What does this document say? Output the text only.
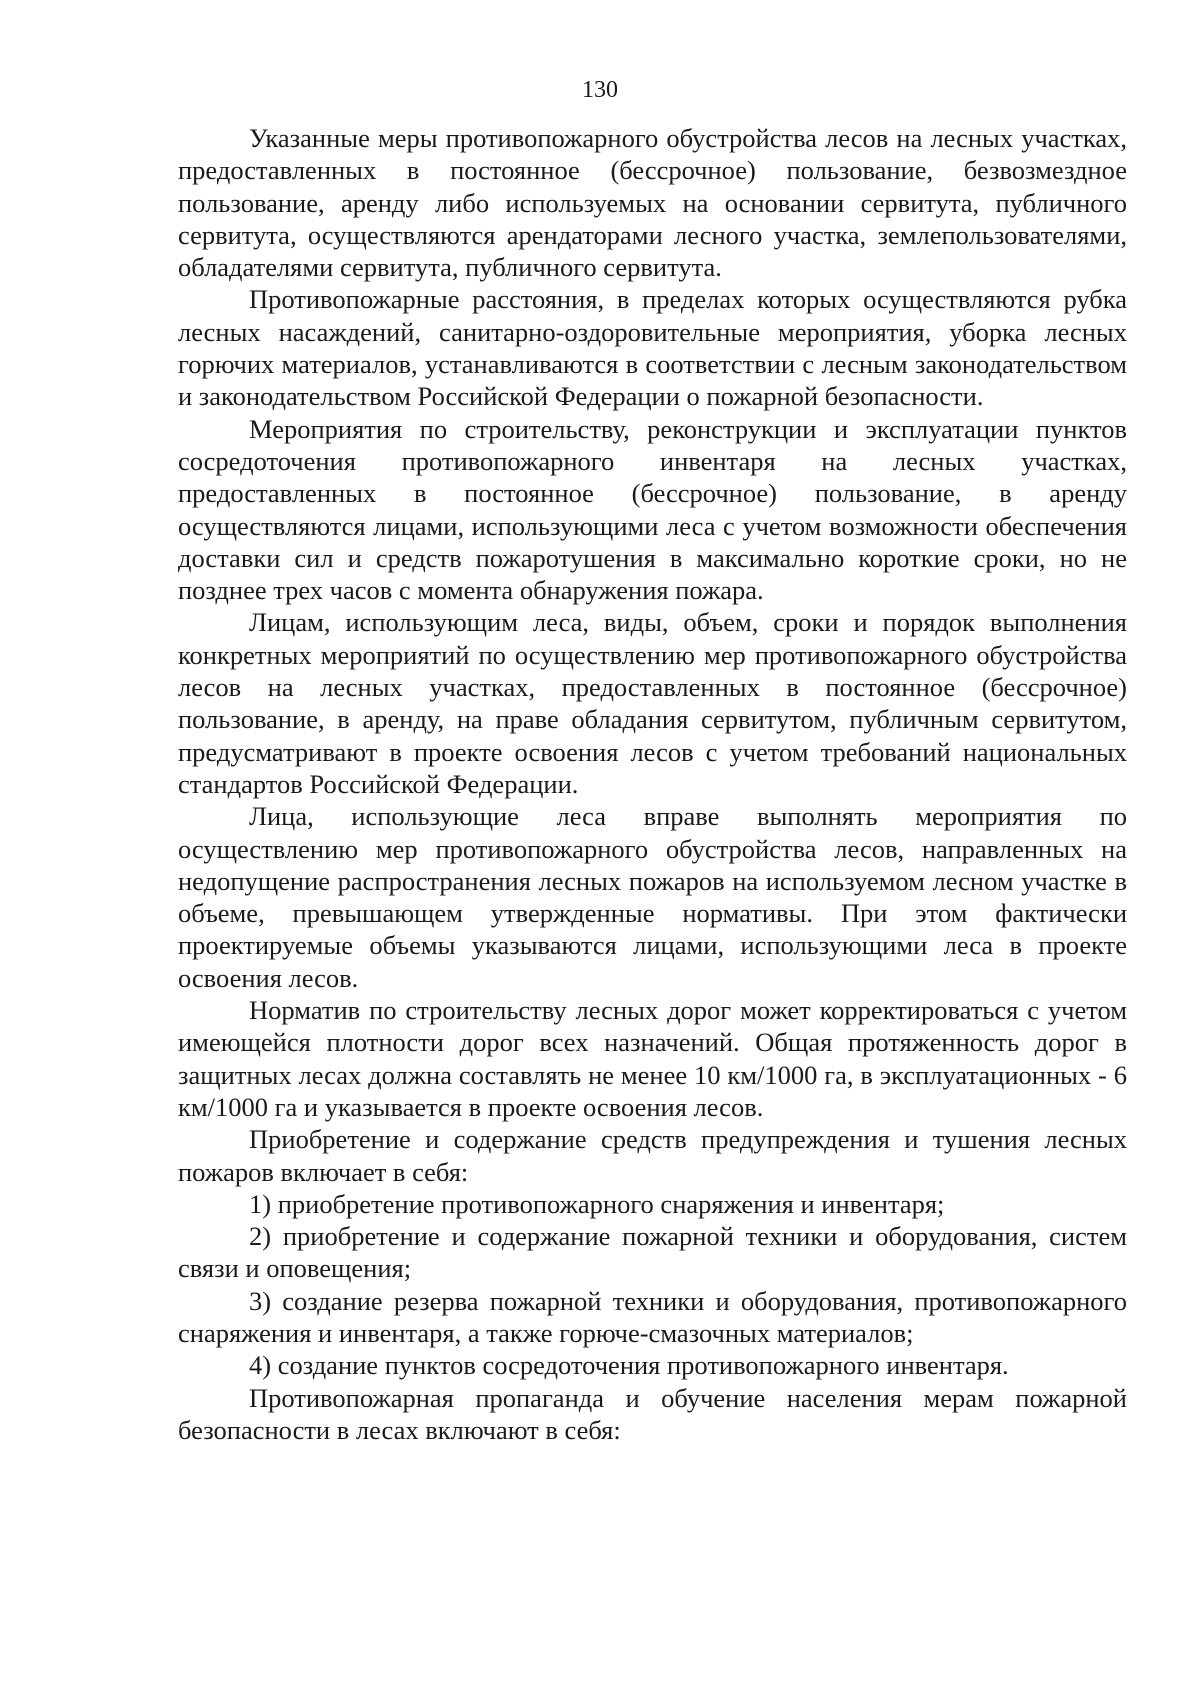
130

Указанные меры противопожарного обустройства лесов на лесных участках, предоставленных в постоянное (бессрочное) пользование, безвозмездное пользование, аренду либо используемых на основании сервитута, публичного сервитута, осуществляются арендаторами лесного участка, землепользователями, обладателями сервитута, публичного сервитута.

Противопожарные расстояния, в пределах которых осуществляются рубка лесных насаждений, санитарно-оздоровительные мероприятия, уборка лесных горючих материалов, устанавливаются в соответствии с лесным законодательством и законодательством Российской Федерации о пожарной безопасности.

Мероприятия по строительству, реконструкции и эксплуатации пунктов сосредоточения противопожарного инвентаря на лесных участках, предоставленных в постоянное (бессрочное) пользование, в аренду осуществляются лицами, использующими леса с учетом возможности обеспечения доставки сил и средств пожаротушения в максимально короткие сроки, но не позднее трех часов с момента обнаружения пожара.

Лицам, использующим леса, виды, объем, сроки и порядок выполнения конкретных мероприятий по осуществлению мер противопожарного обустройства лесов на лесных участках, предоставленных в постоянное (бессрочное) пользование, в аренду, на праве обладания сервитутом, публичным сервитутом, предусматривают в проекте освоения лесов с учетом требований национальных стандартов Российской Федерации.

Лица, использующие леса вправе выполнять мероприятия по осуществлению мер противопожарного обустройства лесов, направленных на недопущение распространения лесных пожаров на используемом лесном участке в объеме, превышающем утвержденные нормативы. При этом фактически проектируемые объемы указываются лицами, использующими леса в проекте освоения лесов.

Норматив по строительству лесных дорог может корректироваться с учетом имеющейся плотности дорог всех назначений. Общая протяженность дорог в защитных лесах должна составлять не менее 10 км/1000 га, в эксплуатационных - 6 км/1000 га и указывается в проекте освоения лесов.

Приобретение и содержание средств предупреждения и тушения лесных пожаров включает в себя:

1) приобретение противопожарного снаряжения и инвентаря;

2) приобретение и содержание пожарной техники и оборудования, систем связи и оповещения;

3) создание резерва пожарной техники и оборудования, противопожарного снаряжения и инвентаря, а также горюче-смазочных материалов;

4) создание пунктов сосредоточения противопожарного инвентаря.

Противопожарная пропаганда и обучение населения мерам пожарной безопасности в лесах включают в себя:
